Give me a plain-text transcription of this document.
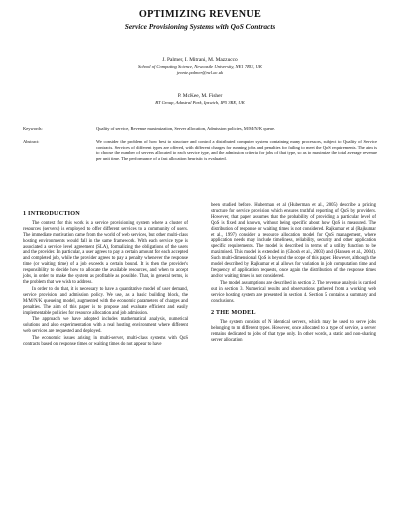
OPTIMIZING REVENUE
Service Provisioning Systems with QoS Contracts
J. Palmer, I. Mitrani, M. Mazzucco
School of Computing Science, Newcastle University, NE1 7RU, UK
jennie.palmer@ncl.ac.uk
P. McKee, M. Fisher
BT Group, Adastral Park, Ipswich, IP5 3RE, UK
Keywords:	Quality of service, Revenue maximization, Server allocation, Admission policies, M/M/N/K queue.
Abstract:	We consider the problem of how best to structure and control a distributed computer system containing many processors, subject to Quality of Service contracts. Services of different types are offered, with different charges for running jobs and penalties for failing to meet the QoS requirements. The aim is to choose the number of servers allocated to each service type, and the admission criteria for jobs of that type, so as to maximize the total average revenue per unit time. The performance of a fast allocation heuristic is evaluated.
1 INTRODUCTION

The context for this work is a service provisioning system where a cluster of resources (servers) is employed to offer different services to a community of users. The immediate motivation came from the world of web services, but other multi-class hosting environments would fall in the same framework. With each service type is associated a service level agreement (SLA), formalizing the obligations of the users and the provider. In particular, a user agrees to pay a certain amount for each accepted and completed job, while the provider agrees to pay a penalty whenever the response time (or waiting time) of a job exceeds a certain bound. It is then the provider's responsibility to decide how to allocate the available resources, and when to accept jobs, in order to make the system as profitable as possible. That, in general terms, is the problem that we wish to address.

In order to do that, it is necessary to have a quantitative model of user demand, service provision and admission policy. We use, as a basic building block, the M/M/N/K queueing model, augmented with the economic parameters of charges and penalties. The aim of this paper is to propose and evaluate efficient and easily implementable policies for resource allocation and job admission.

The approach we have adopted includes mathematical analysis, numerical solutions and also experimentation with a real hosting environment where different web services are requested and deployed.

The economic issues arising in multi-server, multi-class systems with QoS contracts based on response times or waiting times do not appear to have

been studied before. Huberman et al (Huberman et al., 2005) describe a pricing structure for service provision which ensures truthful reporting of QoS by providers. However, that paper assumes that the probability of providing a particular level of QoS is fixed and known, without being specific about how QoS is measured. The distribution of response or waiting times is not considered. Rajkumar et al (Rajkumar et al., 1997) consider a resource allocation model for QoS management, where application needs may include timeliness, reliability, security and other application specific requirements. The model is described in terms of a utility function to be maximised. This model is extended in (Ghosh et al., 2003) and (Hansen et al., 2004). Such multi-dimensional QoS is beyond the scope of this paper. However, although the model described by Rajkumar et al allows for variation in job computation time and frequency of application requests, once again the distribution of the response times and/or waiting times is not considered.

The model assumptions are described in section 2. The revenue analysis is carried out in section 3. Numerical results and observations gathered from a working web service hosting system are presented in section 4. Section 5 contains a summary and conclusions.

2 THE MODEL

The system consists of N identical servers, which may be used to serve jobs belonging to m different types. However, once allocated to a type of service, a server remains dedicated to jobs of that type only. In other words, a static and non-sharing server allocation
